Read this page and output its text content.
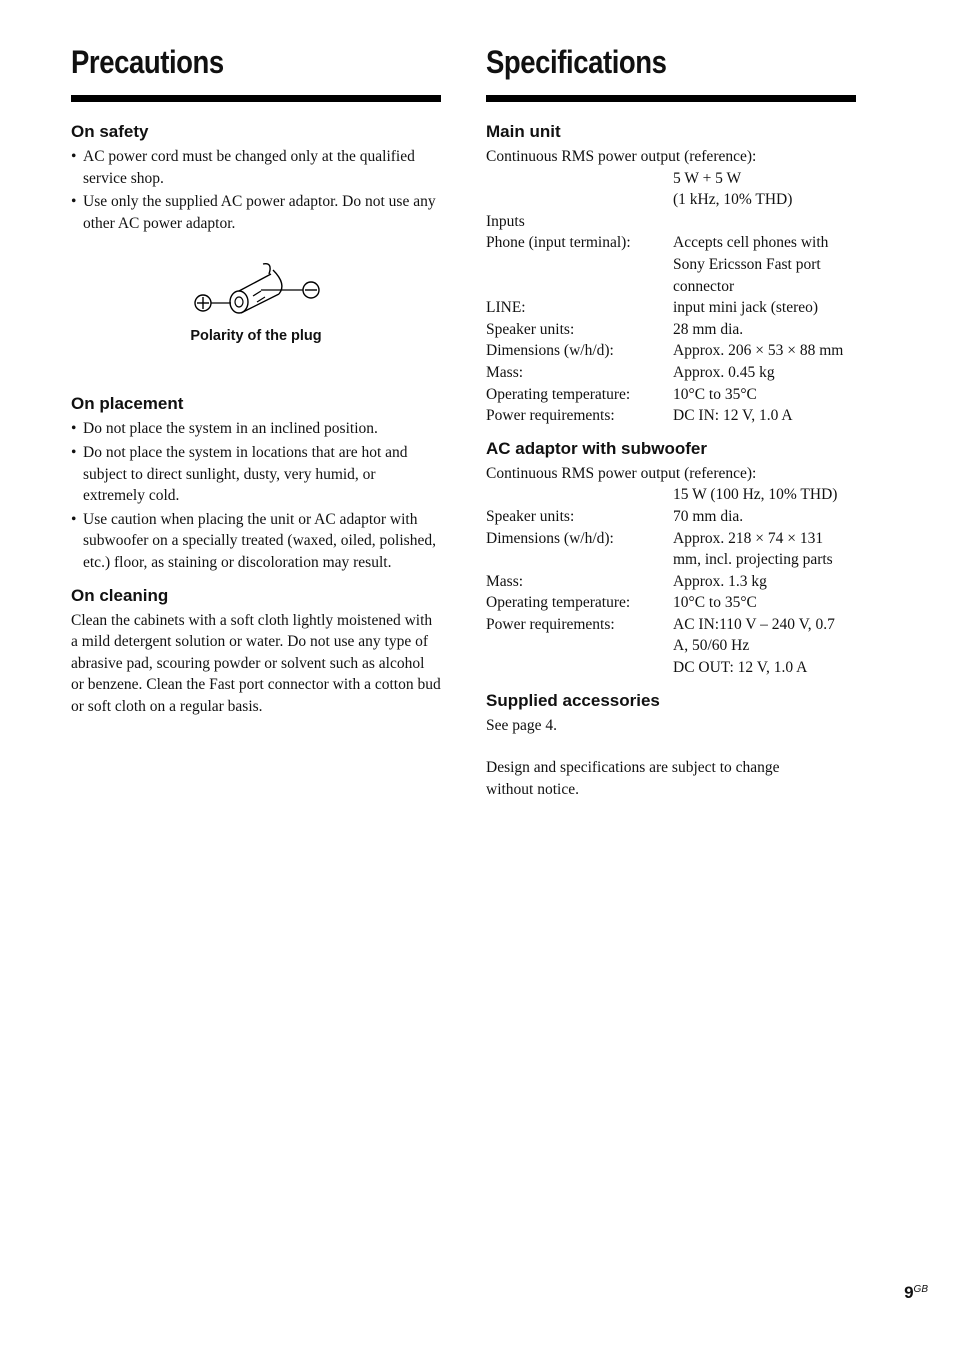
Precautions
On safety
• AC power cord must be changed only at the qualified service shop.
• Use only the supplied AC power adaptor. Do not use any other AC power adaptor.
Polarity of the plug
On placement
• Do not place the system in an inclined position.
• Do not place the system in locations that are hot and subject to direct sunlight, dusty, very humid, or extremely cold.
• Use caution when placing the unit or AC adaptor with subwoofer on a specially treated (waxed, oiled, polished, etc.) floor, as staining or discoloration may result.
On cleaning

Clean the cabinets with a soft cloth lightly moistened with a mild detergent solution or water. Do not use any type of abrasive pad, scouring powder or solvent such as alcohol or benzene. Clean the Fast port connector with a cotton bud or soft cloth on a regular basis.

Specifications
Main unit

Continuous RMS power output (reference):

5 W + 5 W

(1 kHz, 10% THD)

Inputs

Phone (input terminal):	Accepts cell phones with Sony Ericsson Fast port connector
LINE:	input mini jack (stereo)
Speaker units:	28 mm dia.
Dimensions (w/h/d):	Approx. 206 × 53 × 88 mm
Mass:	Approx. 0.45 kg
Operating temperature:	10°C to 35°C
Power requirements:	DC IN: 12 V, 1.0 A
AC adaptor with subwoofer

Continuous RMS power output (reference):

15 W (100 Hz, 10% THD)

Speaker units:	70 mm dia.
Dimensions (w/h/d):	Approx. 218 × 74 × 131 mm, incl. projecting parts
Mass:	Approx. 1.3 kg
Operating temperature:	10°C to 35°C
Power requirements:	AC IN:110 V – 240 V, 0.7 A, 50/60 Hz

DC OUT: 12 V, 1.0 A

Supplied accessories

See page 4.

Design and specifications are subject to change without notice.

$9^{GB}$
